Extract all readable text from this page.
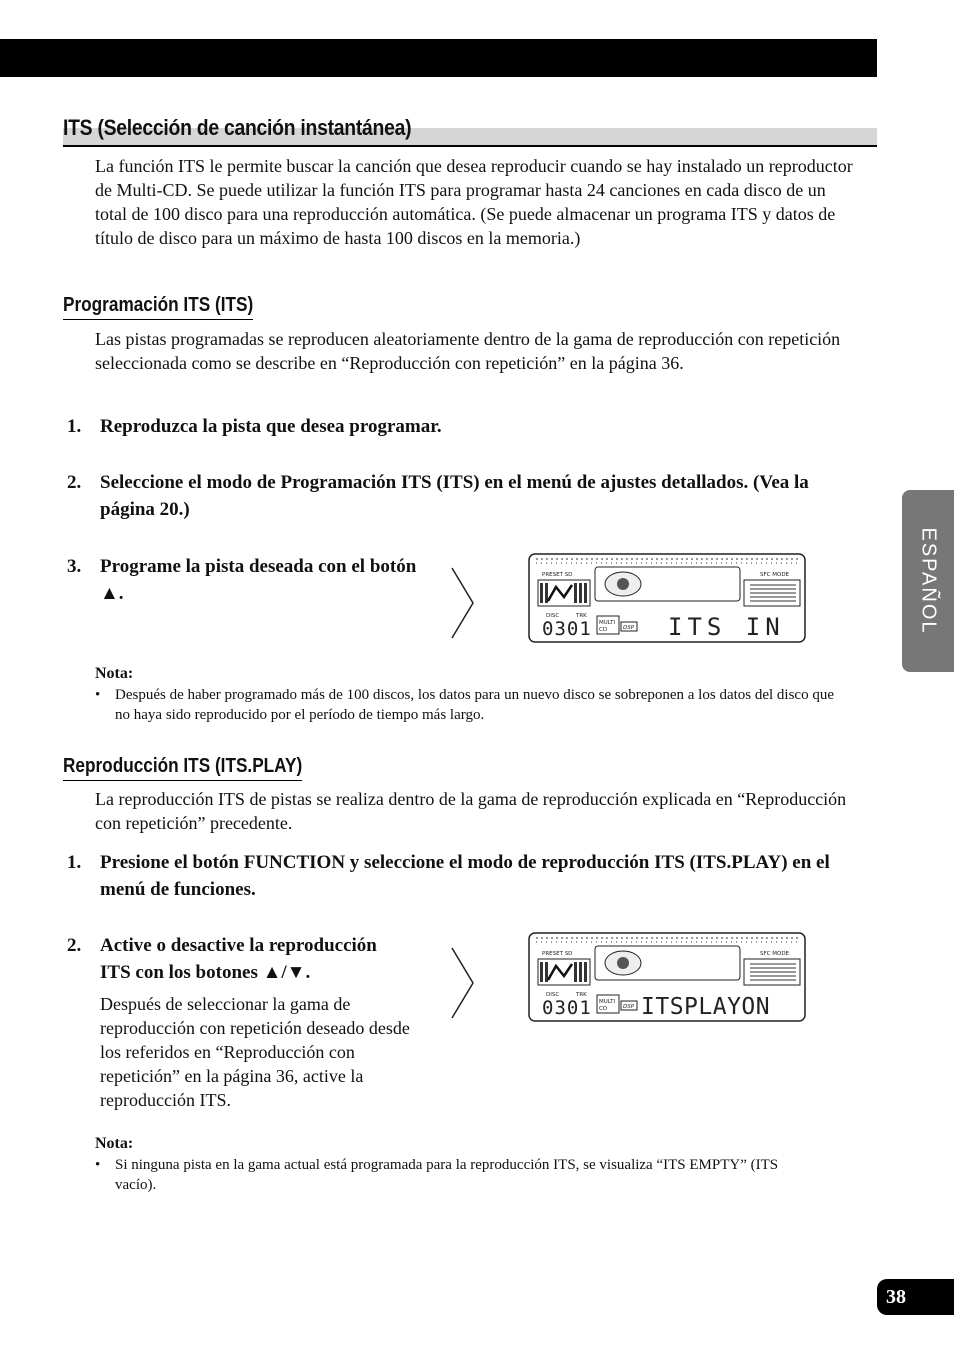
ITS (Selección de canción instantánea)

La función ITS le permite buscar la canción que desea reproducir cuando se hay instalado un reproductor de Multi-CD. Se puede utilizar la función ITS para programar hasta 24 canciones en cada disco de un total de 100 disco para una reproducción automática. (Se puede almacenar un programa ITS y datos de título de disco para un máximo de hasta 100 discos en la memoria.)

Programación ITS (ITS)

Las pistas programadas se reproducen aleatoriamente dentro de la gama de reproducción con repetición seleccionada como se describe en “Reproducción con repetición” en la página 36.

1. Reproduzca la pista que desea programar.
2. Seleccione el modo de Programación ITS (ITS) en el menú de ajustes detallados. (Vea la página 20.)
3. Programe la pista deseada con el botón ▲.
PRESET SD	SFC MODE
DISC	TRK
0301 MULTI
CD	DSP ITS IN

Nota:

• Después de haber programado más de 100 discos, los datos para un nuevo disco se sobreponen a los datos del disco que no haya sido reproducido por el período de tiempo más largo.

Reproducción ITS (ITS.PLAY)

La reproducción ITS de pistas se realiza dentro de la gama de reproducción explicada en “Reproducción con repetición” precedente.

1. Presione el botón FUNCTION y seleccione el modo de reproducción ITS (ITS.PLAY) en el menú de funciones.
2. Active o desactive la reproducción ITS con los botones ▲/▼.

Después de seleccionar la gama de reproducción con repetición deseado desde los referidos en “Reproducción con repetición” en la página 36, active la reproducción ITS.

PRESET SD	SFC MODE
DISC	TRK
0301 MULTI
CD	DSP ITSPLAYON

Nota:

• Si ninguna pista en la gama actual está programada para la reproducción ITS, se visualiza “ITS EMPTY” (ITS vacío).

ESPAÑOL
38
